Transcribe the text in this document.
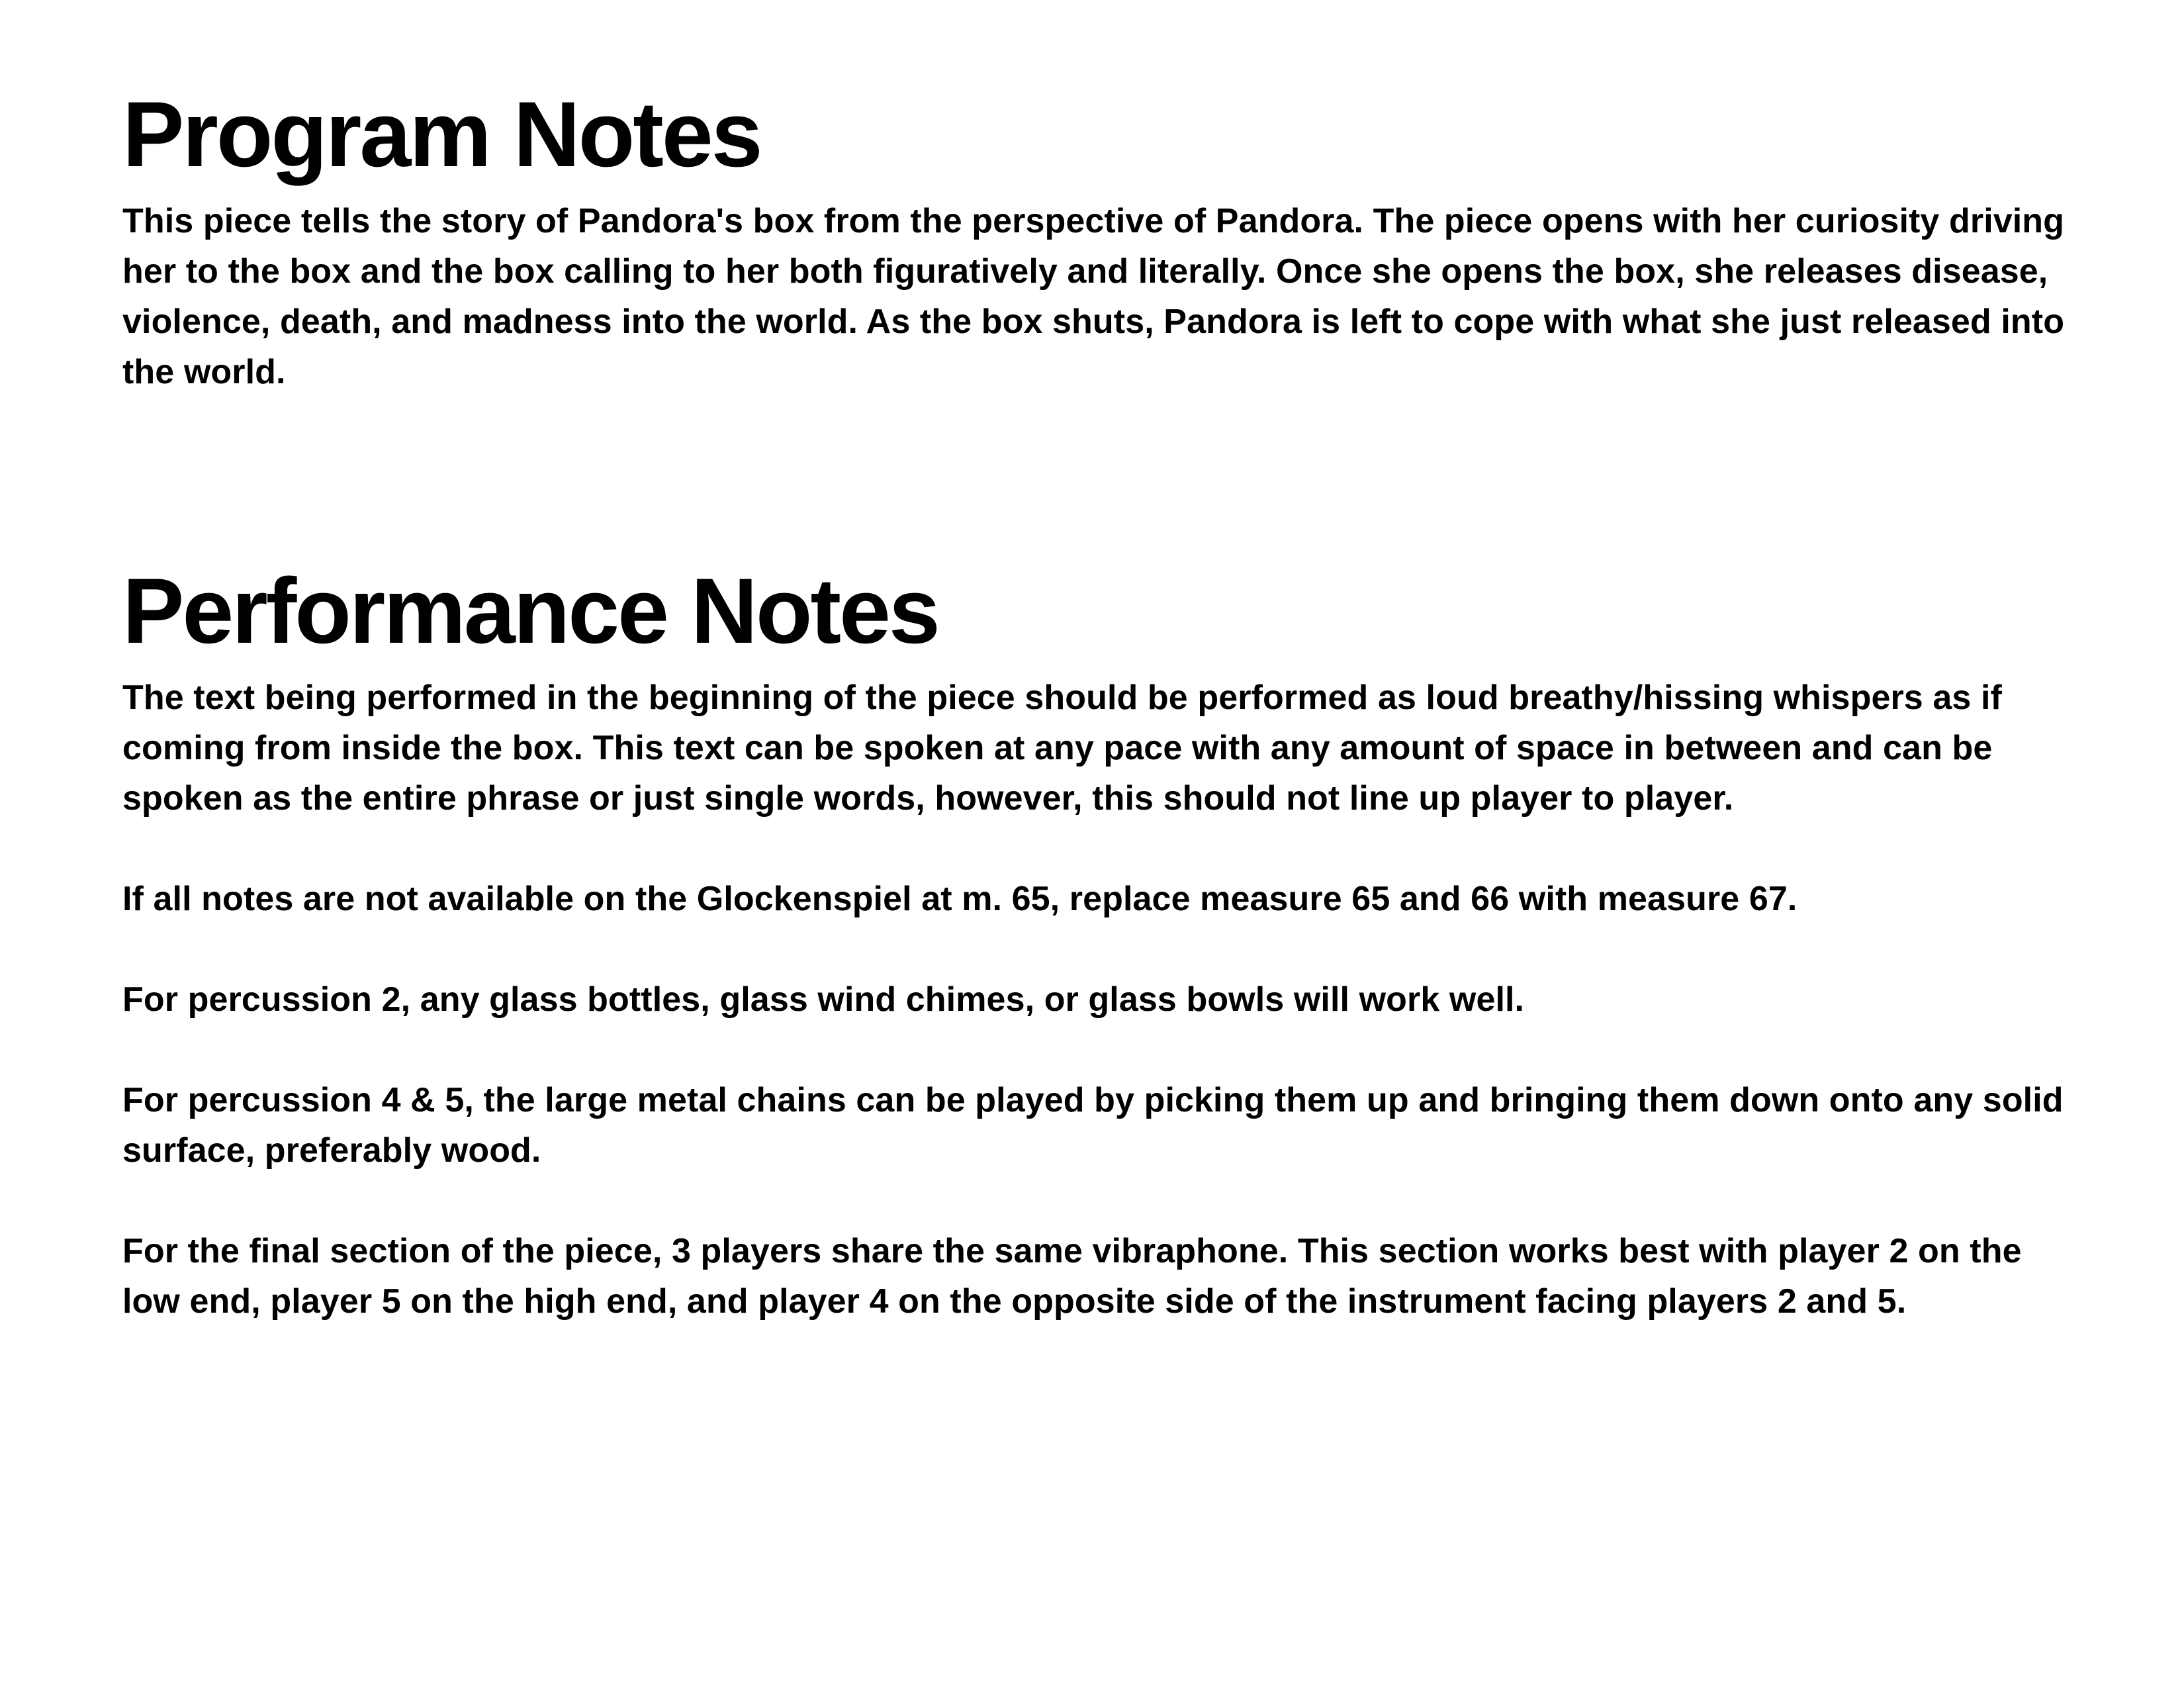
Program Notes

This piece tells the story of Pandora's box from the perspective of Pandora. The piece opens with her curiosity driving her to the box and the box calling to her both figuratively and literally. Once she opens the box, she releases disease, violence, death, and madness into the world. As the box shuts, Pandora is left to cope with what she just released into the world.

Performance Notes

The text being performed in the beginning of the piece should be performed as loud breathy/hissing whispers as if coming from inside the box. This text can be spoken at any pace with any amount of space in between and can be spoken as the entire phrase or just single words, however, this should not line up player to player.

If all notes are not available on the Glockenspiel at m. 65, replace measure 65 and 66 with measure 67.

For percussion 2, any glass bottles, glass wind chimes, or glass bowls will work well.

For percussion 4 & 5, the large metal chains can be played by picking them up and bringing them down onto any solid surface, preferably wood.

For the final section of the piece, 3 players share the same vibraphone. This section works best with player 2 on the low end, player 5 on the high end, and player 4 on the opposite side of the instrument facing players 2 and 5.
